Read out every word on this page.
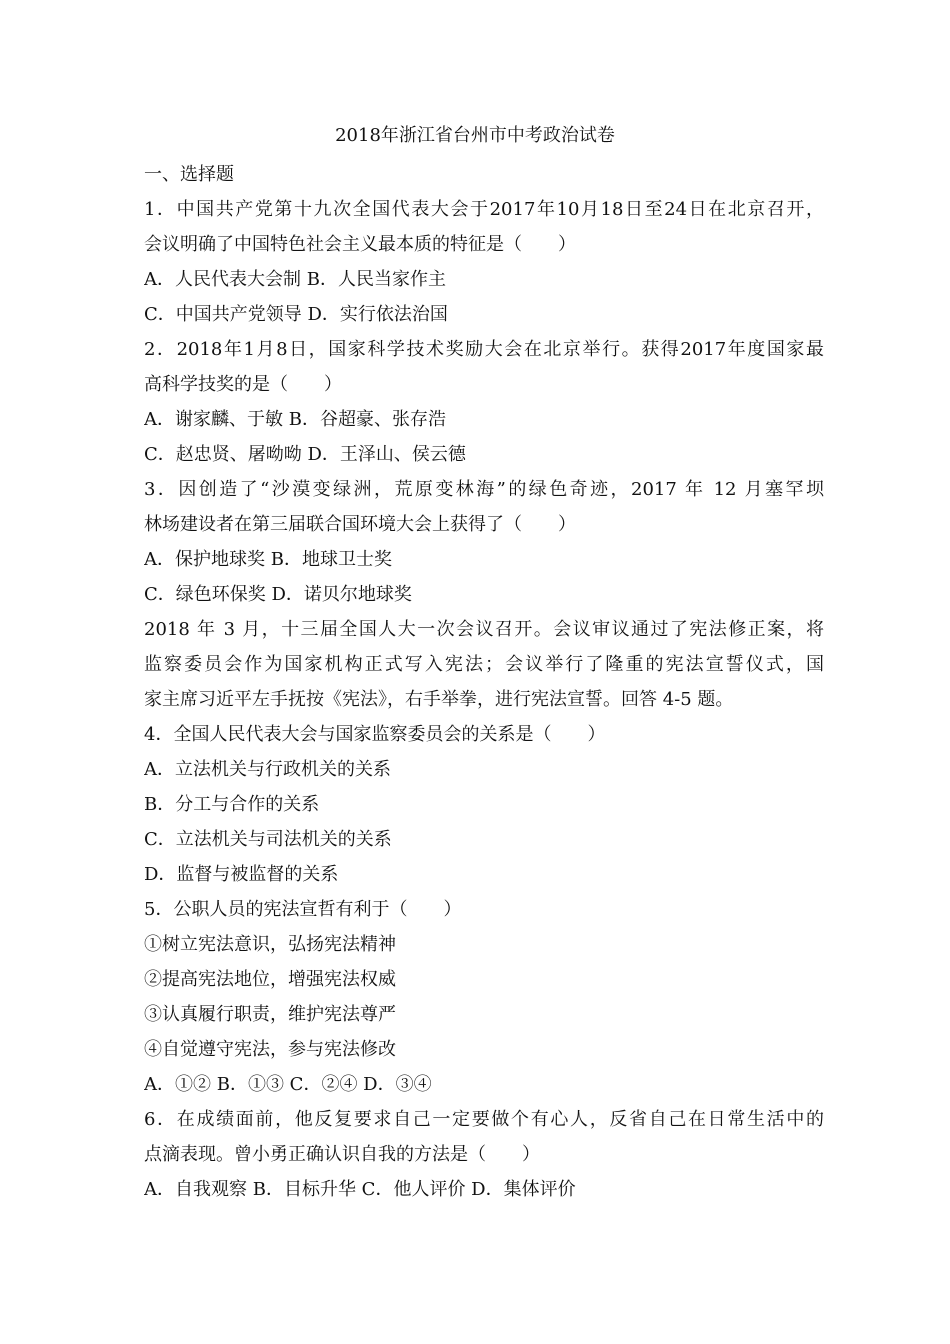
2018年浙江省台州市中考政治试卷
一、选择题
1．中国共产党第十九次全国代表大会于2017年10月18日至24日在北京召开，
会议明确了中国特色社会主义最本质的特征是（　　）
A．人民代表大会制 B．人民当家作主
C．中国共产党领导 D．实行依法治国
2．2018年1月8日，国家科学技术奖励大会在北京举行。获得2017年度国家最
高科学技奖的是（　　）
A．谢家麟、于敏 B．谷超豪、张存浩
C．赵忠贤、屠呦呦 D．王泽山、侯云德
3．因创造了“沙漠变绿洲，荒原变林海”的绿色奇迹，2017 年 12 月塞罕坝
林场建设者在第三届联合国环境大会上获得了（　　）
A．保护地球奖 B．地球卫士奖
C．绿色环保奖 D．诺贝尔地球奖
2018 年 3 月，十三届全国人大一次会议召开。会议审议通过了宪法修正案，将
监察委员会作为国家机构正式写入宪法；会议举行了隆重的宪法宣誓仪式，国
家主席习近平左手抚按《宪法》，右手举拳，进行宪法宣誓。回答 4-5 题。
4．全国人民代表大会与国家监察委员会的关系是（　　）
A．立法机关与行政机关的关系
B．分工与合作的关系
C．立法机关与司法机关的关系
D．监督与被监督的关系
5．公职人员的宪法宣哲有利于（　　）
①树立宪法意识，弘扬宪法精神
②提高宪法地位，增强宪法权威
③认真履行职责，维护宪法尊严
④自觉遵守宪法，参与宪法修改
A．①② B．①③ C．②④ D．③④
6．在成绩面前，他反复要求自己一定要做个有心人，反省自己在日常生活中的
点滴表现。曾小勇正确认识自我的方法是（　　）
A．自我观察 B．目标升华 C．他人评价 D．集体评价
